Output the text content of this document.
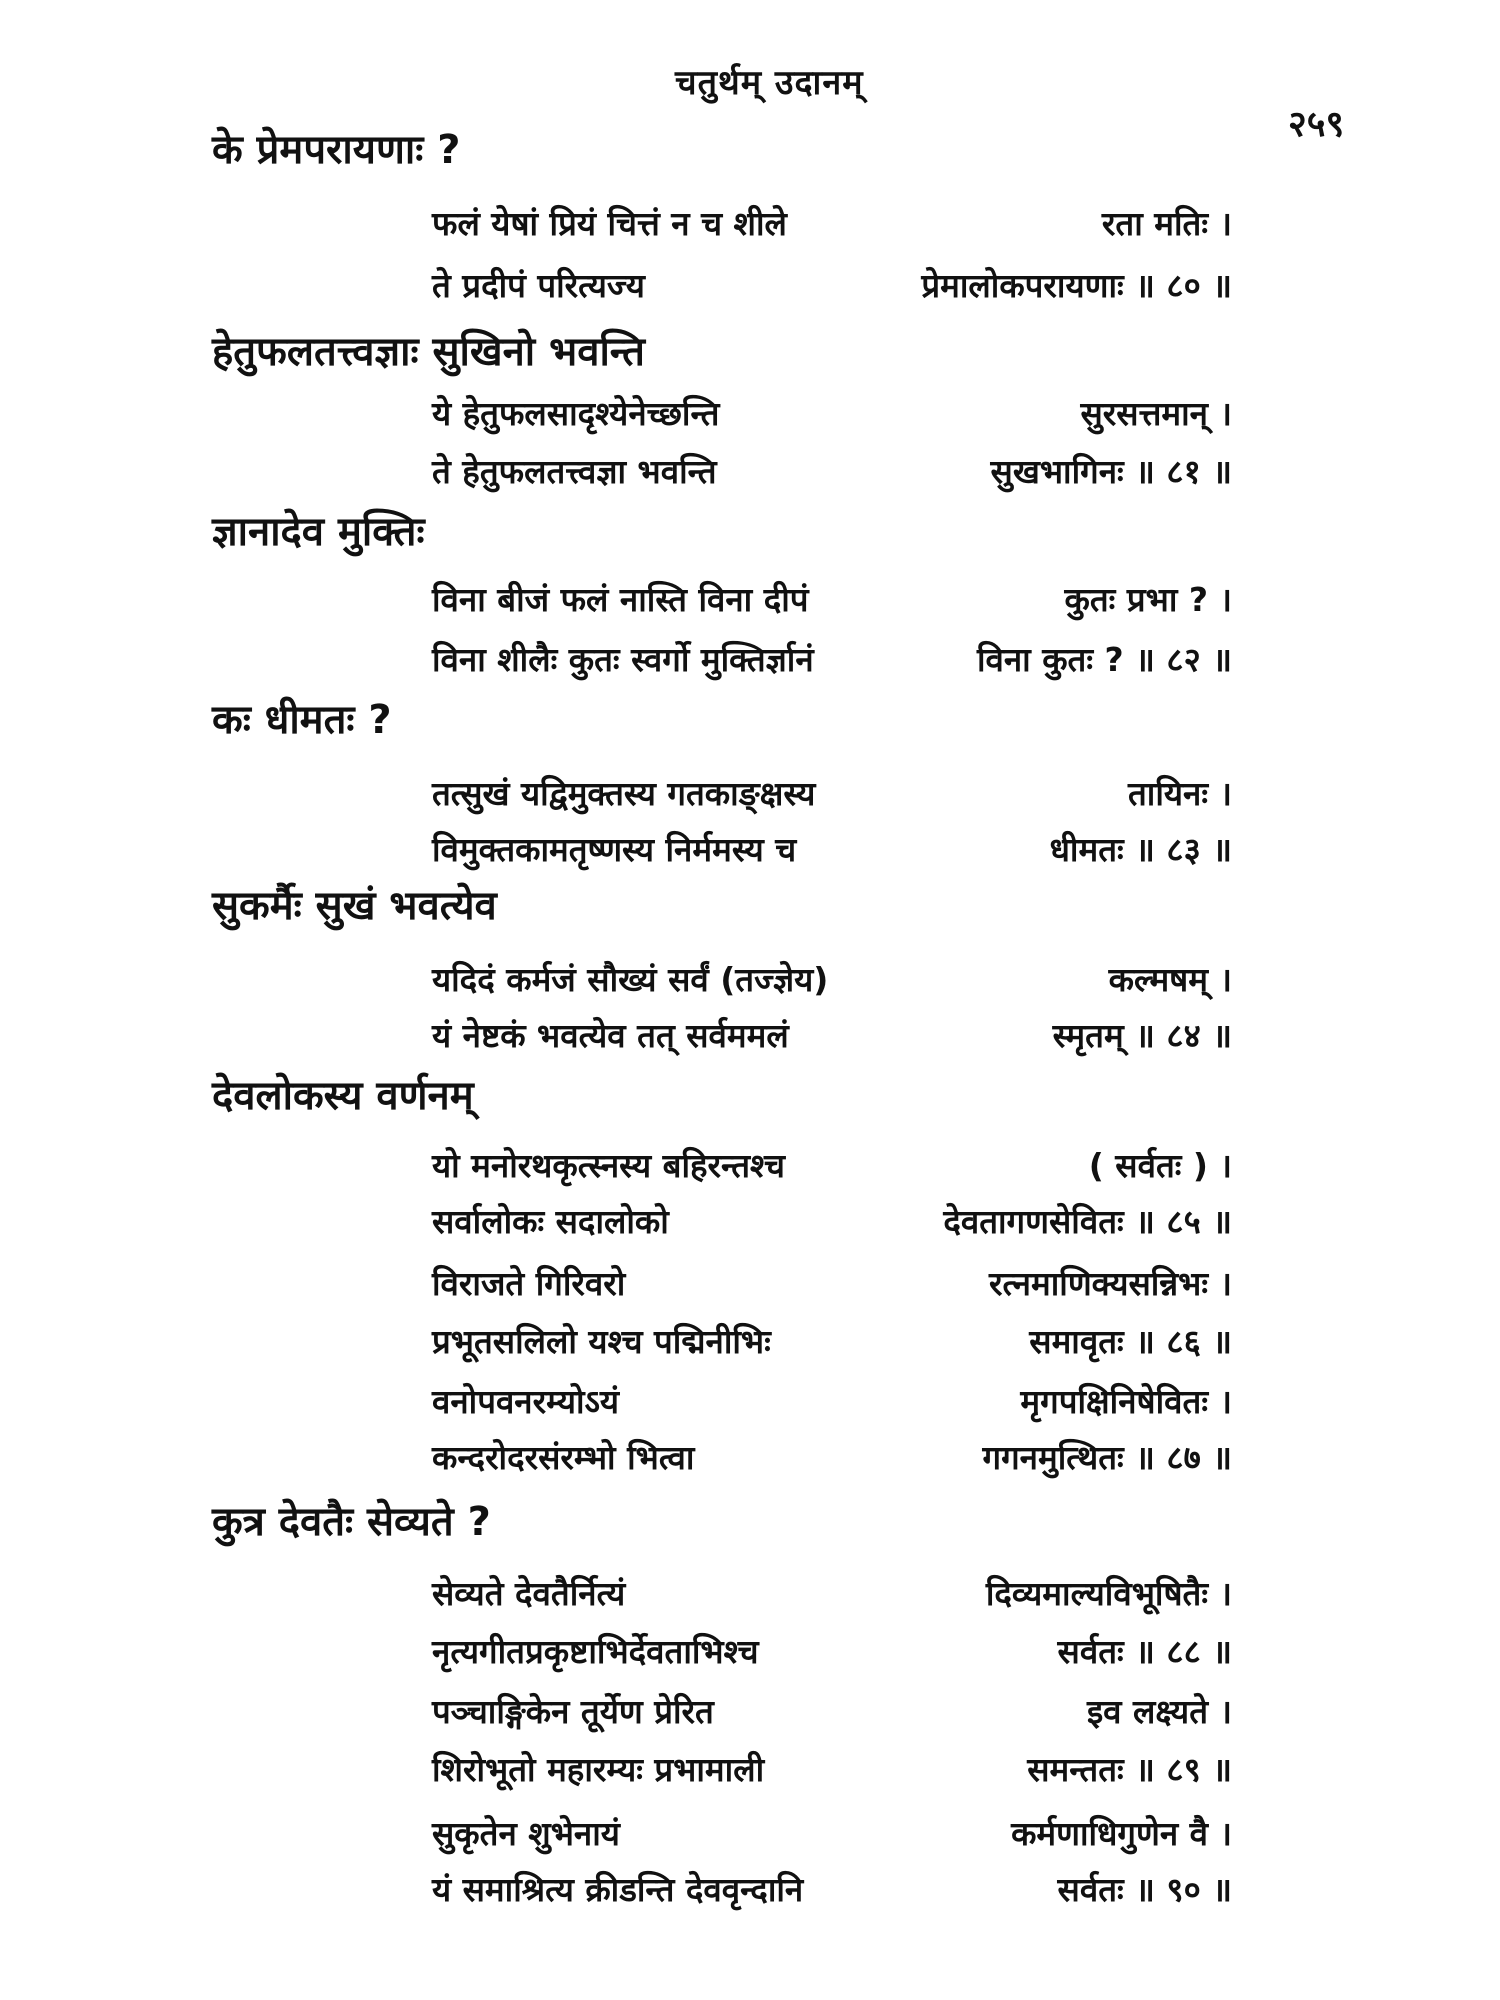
चतुर्थम् उदानम्
२५९
के प्रेमपरायणाः ?
फलं येषां प्रियं चित्तं न च शीले	रता मतिः ।
ते प्रदीपं परित्यज्य	प्रेमालोकपरायणाः ॥ ८० ॥
हेतुफलतत्त्वज्ञाः सुखिनो भवन्ति
ये हेतुफलसादृश्येनेच्छन्ति	सुरसत्तमान् ।
ते हेतुफलतत्त्वज्ञा भवन्ति	सुखभागिनः ॥ ८१ ॥
ज्ञानादेव मुक्तिः
विना बीजं फलं नास्ति विना दीपं	कुतः प्रभा ? ।
विना शीलैः कुतः स्वर्गो मुक्तिर्ज्ञानं	विना कुतः ? ॥ ८२ ॥
कः धीमतः ?
तत्सुखं यद्विमुक्तस्य गतकाङ्क्षस्य	तायिनः ।
विमुक्तकामतृष्णस्य निर्ममस्य च	धीमतः ॥ ८३ ॥
सुकर्मैः सुखं भवत्येव
यदिदं कर्मजं सौख्यं सर्वं (तज्ज्ञेय)	कल्मषम् ।
यं नेष्टकं भवत्येव तत् सर्वममलं	स्मृतम् ॥ ८४ ॥
देवलोकस्य वर्णनम्
यो मनोरथकृत्स्नस्य बहिरन्तश्च	( सर्वतः ) ।
सर्वालोकः सदालोको	देवतागणसेवितः ॥ ८५ ॥
विराजते गिरिवरो	रत्नमाणिक्यसन्निभः ।
प्रभूतसलिलो यश्च पद्मिनीभिः	समावृतः ॥ ८६ ॥
वनोपवनरम्योऽयं	मृगपक्षिनिषेवितः ।
कन्दरोदरसंरम्भो भित्वा	गगनमुत्थितः ॥ ८७ ॥
कुत्र देवतैः सेव्यते ?
सेव्यते देवतैर्नित्यं	दिव्यमाल्यविभूषितैः ।
नृत्यगीतप्रकृष्टाभिर्देवताभिश्च	सर्वतः ॥ ८८ ॥
पञ्चाङ्गिकेन तूर्येण प्रेरित	इव लक्ष्यते ।
शिरोभूतो महारम्यः प्रभामाली	समन्ततः ॥ ८९ ॥
सुकृतेन शुभेनायं	कर्मणाधिगुणेन वै ।
यं समाश्रित्य क्रीडन्ति देववृन्दानि	सर्वतः ॥ ९० ॥
